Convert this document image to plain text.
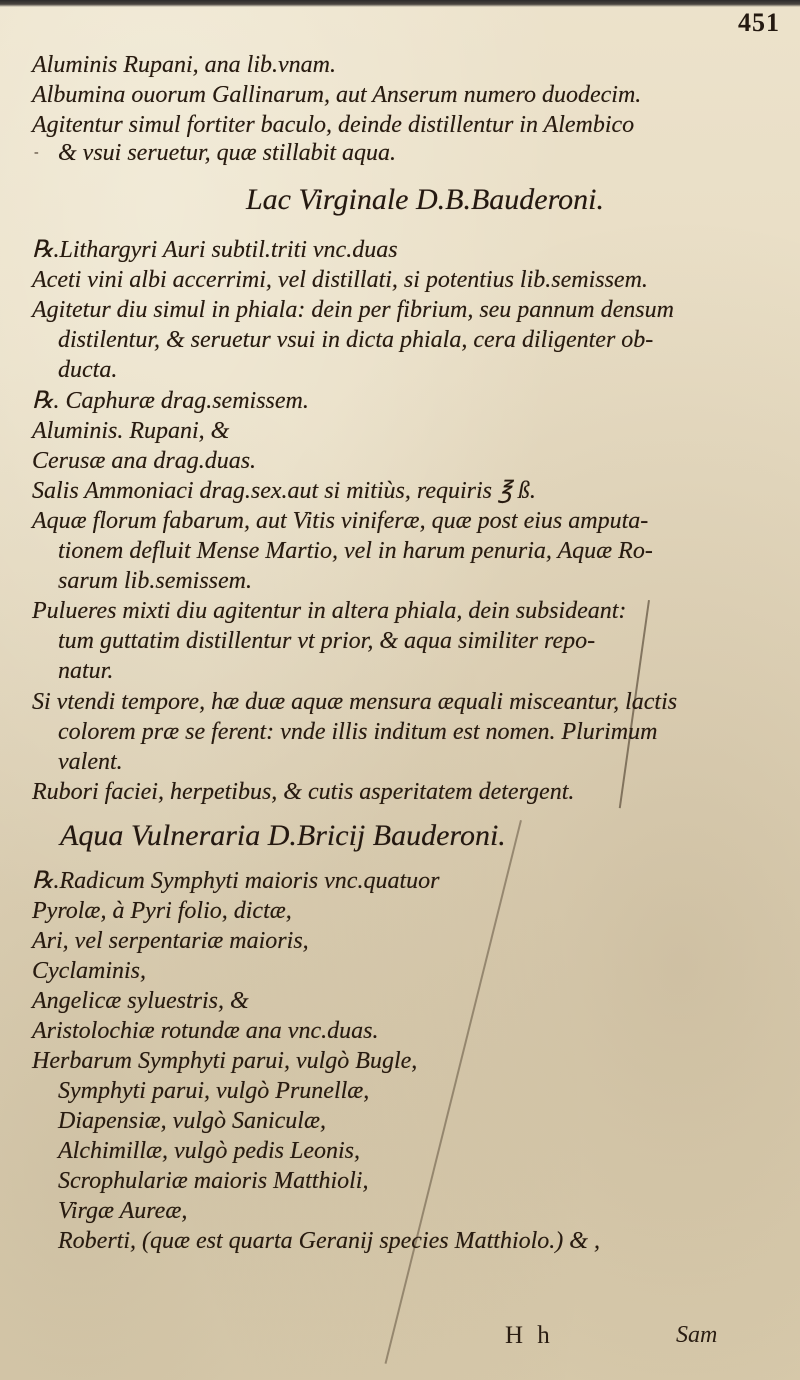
451
Aluminis Rupani, ana lib.vnam.
Albumina ouorum Gallinarum, aut Anserum numero duodecim.
Agitentur simul fortiter baculo, deinde distillentur in Alembico
- & vsui seruetur, quæ stillabit aqua.
Lac Virginale D.B.Bauderoni.
℞.Lithargyri Auri subtil.triti vnc.duas
Aceti vini albi accerrimi, vel distillati, si potentius lib.semissem.
Agitetur diu simul in phiala: dein per fibrium, seu pannum densum
distilentur, & seruetur vsui in dicta phiala, cera diligenter ob-
ducta.
℞. Caphuræ drag.semissem.
Aluminis. Rupani, &
Cerusæ ana drag.duas.
Salis Ammoniaci drag.sex.aut si mitiùs, requiris ℥ ß.
Aquæ florum fabarum, aut Vitis viniferæ, quæ post eius amputa-
tionem defluit Mense Martio, vel in harum penuria, Aquæ Ro-
sarum lib.semissem.
Pulueres mixti diu agitentur in altera phiala, dein subsideant:
tum guttatim distillentur vt prior, & aqua similiter repo-
natur.
Si vtendi tempore, hæ duæ aquæ mensura æquali misceantur, lactis
colorem præ se ferent: vnde illis inditum est nomen. Plurimum
valent.
Rubori faciei, herpetibus, & cutis asperitatem detergent.
Aqua Vulneraria D.Bricij Bauderoni.
℞.Radicum Symphyti maioris vnc.quatuor
Pyrolæ, à Pyri folio, dictæ,
Ari, vel serpentariæ maioris,
Cyclaminis,
Angelicæ syluestris, &
Aristolochiæ rotundæ ana vnc.duas.
Herbarum Symphyti parui, vulgò Bugle,
Symphyti parui, vulgò Prunellæ,
Diapensiæ, vulgò Saniculæ,
Alchimillæ, vulgò pedis Leonis,
Scrophulariæ maioris Matthioli,
Virgæ Aureæ,
Roberti, (quæ est quarta Geranij species Matthiolo.) & ,
H h	Sam
